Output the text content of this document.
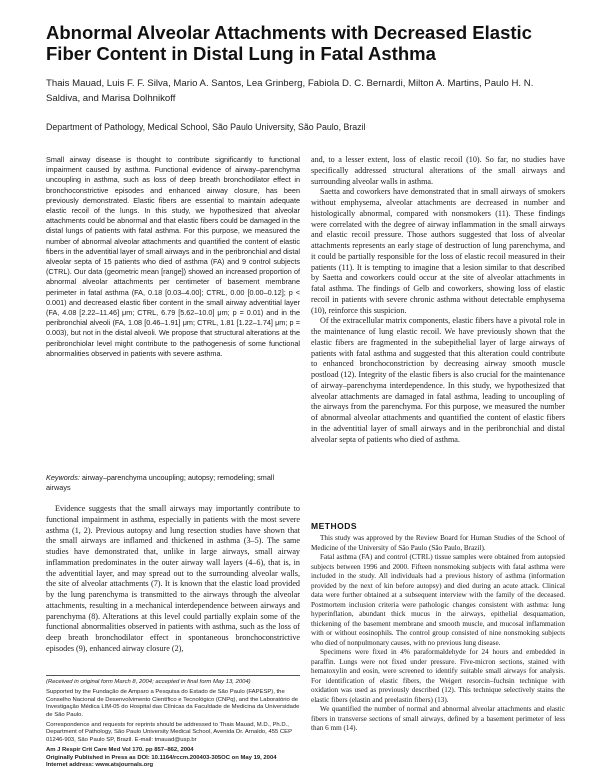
Abnormal Alveolar Attachments with Decreased Elastic Fiber Content in Distal Lung in Fatal Asthma
Thais Mauad, Luis F. F. Silva, Mario A. Santos, Lea Grinberg, Fabiola D. C. Bernardi, Milton A. Martins, Paulo H. N. Saldiva, and Marisa Dolhnikoff
Department of Pathology, Medical School, São Paulo University, São Paulo, Brazil
Small airway disease is thought to contribute significantly to functional impairment caused by asthma. Functional evidence of airway–parenchyma uncoupling in asthma, such as loss of deep breath bronchodilator effect in bronchoconstrictive episodes and enhanced airway closure, has been previously demonstrated. Elastic fibers are essential to maintain adequate elastic recoil of the lungs. In this study, we hypothesized that alveolar attachments could be abnormal and that elastic fibers could be damaged in the distal lungs of patients with fatal asthma. For this purpose, we measured the number of abnormal alveolar attachments and quantified the content of elastic fibers in the adventitial layer of small airways and in the peribronchial and distal alveolar septa of 15 patients who died of asthma (FA) and 9 control subjects (CTRL). Our data (geometric mean [range]) showed an increased proportion of abnormal alveolar attachments per centimeter of basement membrane perimeter in fatal asthma (FA, 0.18 [0.03–4.00]; CTRL, 0.00 [0.00–0.12]; p < 0.001) and decreased elastic fiber content in the small airway adventitial layer (FA, 4.08 [2.22–11.46] μm; CTRL, 6.79 [5.62–10.0] μm; p = 0.01) and in the peribronchial alveoli (FA, 1.08 [0.46–1.91] μm; CTRL, 1.81 [1.22–1.74] μm; p = 0.003), but not in the distal alveoli. We propose that structural alterations at the peribronchiolar level might contribute to the pathogenesis of some functional abnormalities observed in patients with severe asthma.
Keywords: airway–parenchyma uncoupling; autopsy; remodeling; small airways

Evidence suggests that the small airways may importantly contribute to functional impairment in asthma, especially in patients with the most severe asthma (1, 2). Previous autopsy and lung resection studies have shown that the small airways are inflamed and thickened in asthma (3–5). The same studies have demonstrated that, unlike in large airways, small airway inflammation predominates in the outer airway wall layers (4–6), that is, in the adventitial layer, and may spread out to the surrounding alveolar walls, the site of alveolar attachments (7). It is known that the elastic load provided by the lung parenchyma is transmitted to the airways through the alveolar attachments, resulting in a mechanical interdependence between airways and parenchyma (8). Alterations at this level could partially explain some of the functional abnormalities observed in patients with asthma, such as the loss of deep breath bronchodilator effect in spontaneous bronchoconstrictive episodes (9), enhanced airway closure (2),

(Received in original form March 8, 2004; accepted in final form May 13, 2004)

Supported by the Fundação de Amparo a Pesquisa do Estado de São Paulo (FAPESP), the Conselho Nacional de Desenvolvimento Científico e Tecnológico (CNPq), and the Laboratório de Investigação Médica LIM-05 do Hospital das Clínicas da Faculdade de Medicina da Universidade de São Paulo.

Correspondence and requests for reprints should be addressed to Thais Mauad, M.D., Ph.D., Department of Pathology, São Paulo University Medical School, Avenida Dr. Arnaldo, 455 CEP 01246-903, São Paulo SP, Brazil. E-mail: tmauad@usp.br

Am J Respir Crit Care Med Vol 170. pp 857–862, 2004

Originally Published in Press as DOI: 10.1164/rccm.200403-305OC on May 19, 2004

Internet address: www.atsjournals.org

and, to a lesser extent, loss of elastic recoil (10). So far, no studies have specifically addressed structural alterations of the small airways and surrounding alveolar walls in asthma.

Saetta and coworkers have demonstrated that in small airways of smokers without emphysema, alveolar attachments are decreased in number and histologically abnormal, compared with nonsmokers (11). These findings were correlated with the degree of airway inflammation in the small airways and elastic recoil pressure. Those authors suggested that loss of alveolar attachments represents an early stage of destruction of lung parenchyma, and it could be partially responsible for the loss of elastic recoil measured in their patients (11). It is tempting to imagine that a lesion similar to that described by Saetta and coworkers could occur at the site of alveolar attachments in fatal asthma. The findings of Gelb and coworkers, showing loss of elastic recoil in patients with severe chronic asthma without detectable emphysema (10), reinforce this suspicion.

Of the extracellular matrix components, elastic fibers have a pivotal role in the maintenance of lung elastic recoil. We have previously shown that the elastic fibers are fragmented in the subepithelial layer of large airways of patients with fatal asthma and suggested that this alteration could contribute to enhanced bronchoconstriction by decreasing airway smooth muscle postload (12). Integrity of the elastic fibers is also crucial for the maintenance of airway–parenchyma interdependence. In this study, we hypothesized that alveolar attachments are damaged in fatal asthma, leading to uncoupling of the airways from the parenchyma. For this purpose, we measured the number of abnormal alveolar attachments and quantified the content of elastic fibers in the adventitial layer of small airways and in the peribronchial and distal alveolar septa of patients who died of asthma.

METHODS

This study was approved by the Review Board for Human Studies of the School of Medicine of the University of São Paulo (São Paulo, Brazil).

Fatal asthma (FA) and control (CTRL) tissue samples were obtained from autopsied subjects between 1996 and 2000. Fifteen nonsmoking subjects with fatal asthma were included in the study. All individuals had a previous history of asthma (information provided by the next of kin before autopsy) and died during an acute attack. Clinical data were further obtained at a subsequent interview with the family of the deceased. Postmortem inclusion criteria were pathologic changes consistent with asthma: lung hyperinflation, abundant thick mucus in the airways, epithelial desquamation, thickening of the basement membrane and smooth muscle, and mucosal inflammation with or without eosinophils. The control group consisted of nine nonsmoking subjects who died of nonpulmonary causes, with no previous lung disease.

Specimens were fixed in 4% paraformaldehyde for 24 hours and embedded in paraffin. Lungs were not fixed under pressure. Five-micron sections, stained with hematoxylin and eosin, were screened to identify suitable small airways for analysis. For identification of elastic fibers, the Weigert resorcin–fuchsin technique with oxidation was used as previously described (12). This technique selectively stains the elastic fibers (elastin and preelastin fibers) (13).

We quantified the number of normal and abnormal alveolar attachments and elastic fibers in transverse sections of small airways, defined by a basement perimeter of less than 6 mm (14).
